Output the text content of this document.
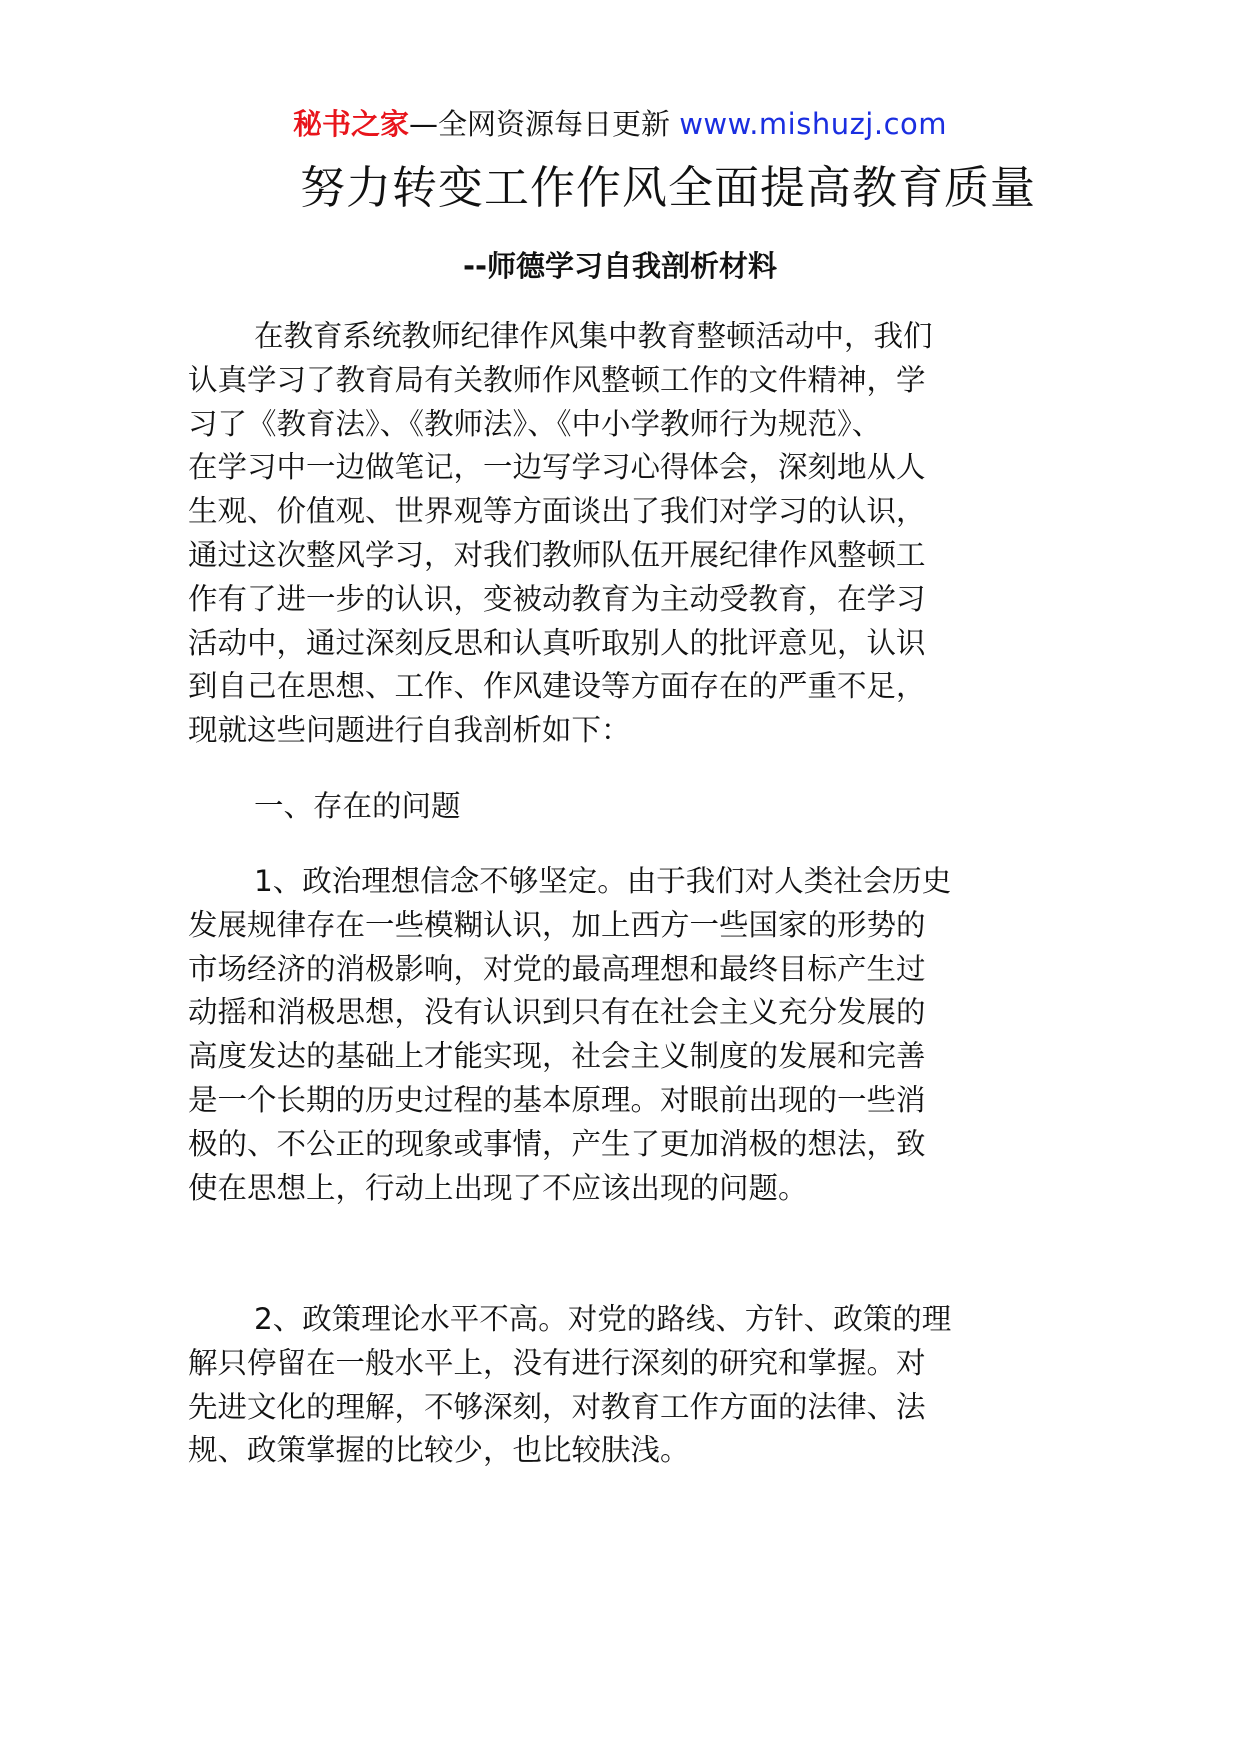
秘书之家—全网资源每日更新 www.mishuzj.com
努力转变工作作风全面提高教育质量
--师德学习自我剖析材料
在教育系统教师纪律作风集中教育整顿活动中，我们
认真学习了教育局有关教师作风整顿工作的文件精神，学
习了《教育法》、《教师法》、《中小学教师行为规范》、
在学习中一边做笔记，一边写学习心得体会，深刻地从人
生观、价值观、世界观等方面谈出了我们对学习的认识，
通过这次整风学习，对我们教师队伍开展纪律作风整顿工
作有了进一步的认识，变被动教育为主动受教育，在学习
活动中，通过深刻反思和认真听取别人的批评意见，认识
到自己在思想、工作、作风建设等方面存在的严重不足，
现就这些问题进行自我剖析如下：
一、存在的问题
1、政治理想信念不够坚定。由于我们对人类社会历史
发展规律存在一些模糊认识，加上西方一些国家的形势的
市场经济的消极影响，对党的最高理想和最终目标产生过
动摇和消极思想，没有认识到只有在社会主义充分发展的
高度发达的基础上才能实现，社会主义制度的发展和完善
是一个长期的历史过程的基本原理。对眼前出现的一些消
极的、不公正的现象或事情，产生了更加消极的想法，致
使在思想上，行动上出现了不应该出现的问题。
2、政策理论水平不高。对党的路线、方针、政策的理
解只停留在一般水平上，没有进行深刻的研究和掌握。对
先进文化的理解，不够深刻，对教育工作方面的法律、法
规、政策掌握的比较少，也比较肤浅。
